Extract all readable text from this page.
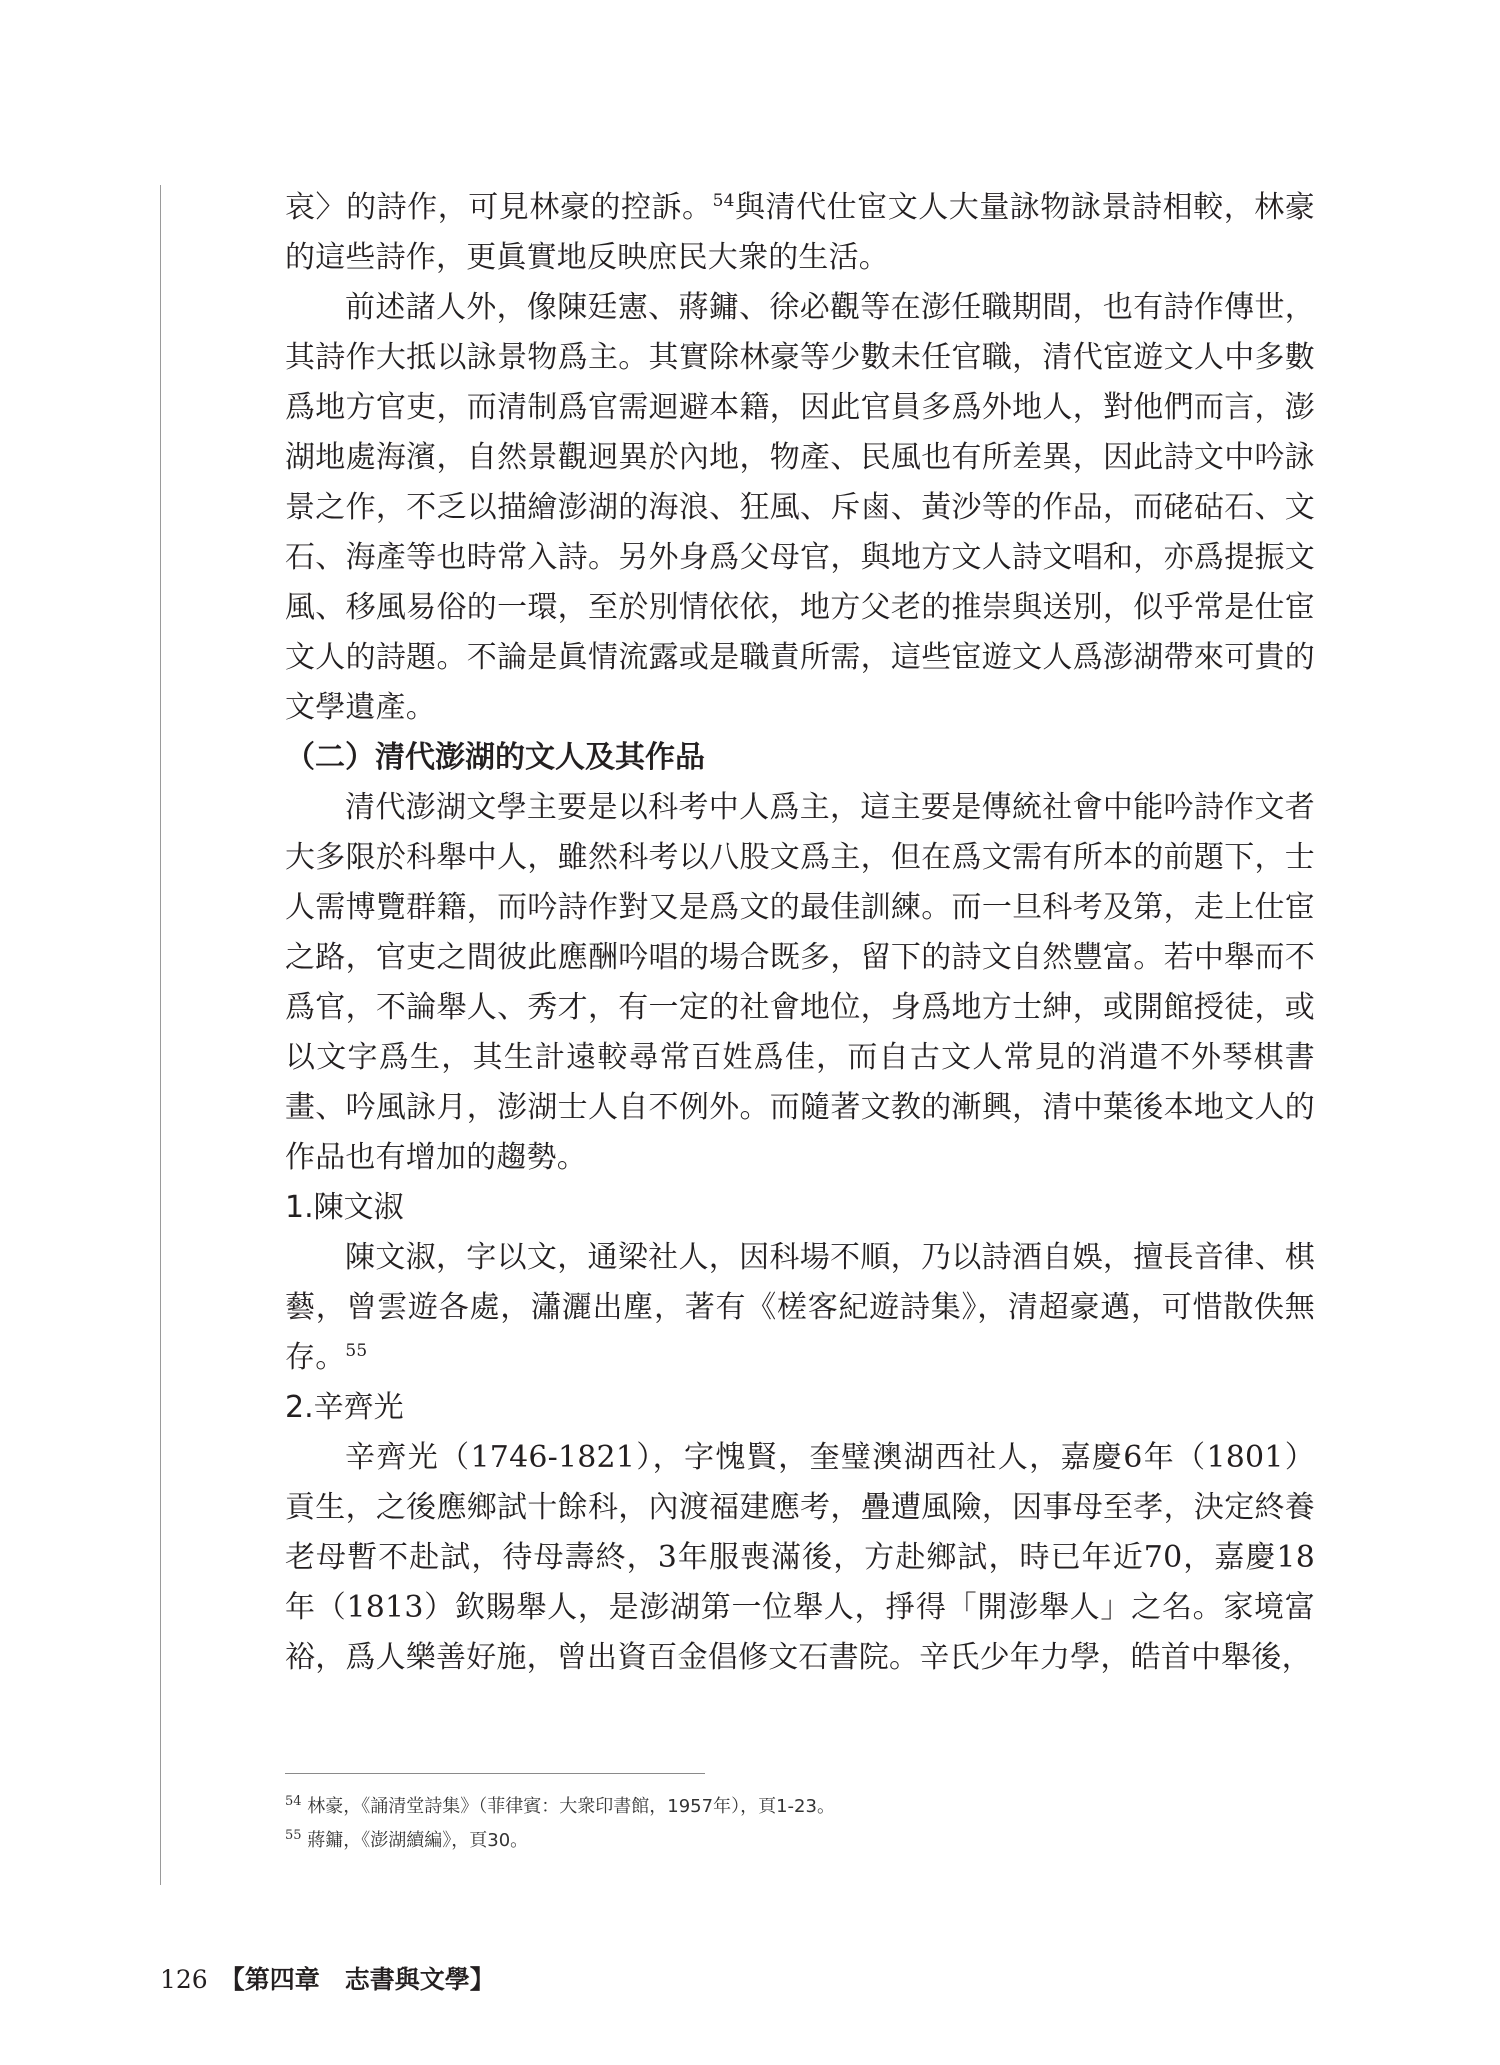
哀〉的詩作，可見林豪的控訴。$^{54}$與清代仕宦文人大量詠物詠景詩相較，林豪的這些詩作，更眞實地反映庶民大衆的生活。

前述諸人外，像陳廷憲、蔣鏞、徐必觀等在澎任職期間，也有詩作傳世，其詩作大抵以詠景物爲主。其實除林豪等少數未任官職，清代宦遊文人中多數爲地方官吏，而清制爲官需迴避本籍，因此官員多爲外地人，對他們而言，澎湖地處海濱，自然景觀迥異於內地，物產、民風也有所差異，因此詩文中吟詠景之作，不乏以描繪澎湖的海浪、狂風、斥鹵、黃沙等的作品，而硓𥑮石、文石、海產等也時常入詩。另外身爲父母官，與地方文人詩文唱和，亦爲提振文風、移風易俗的一環，至於別情依依，地方父老的推崇與送別，似乎常是仕宦文人的詩題。不論是眞情流露或是職責所需，這些宦遊文人爲澎湖帶來可貴的文學遺產。

（二）清代澎湖的文人及其作品

清代澎湖文學主要是以科考中人爲主，這主要是傳統社會中能吟詩作文者大多限於科舉中人，雖然科考以八股文爲主，但在爲文需有所本的前題下，士人需博覽群籍，而吟詩作對又是爲文的最佳訓練。而一旦科考及第，走上仕宦之路，官吏之間彼此應酬吟唱的場合既多，留下的詩文自然豐富。若中舉而不爲官，不論舉人、秀才，有一定的社會地位，身爲地方士紳，或開館授徒，或以文字爲生，其生計遠較尋常百姓爲佳，而自古文人常見的消遣不外琴棋書畫、吟風詠月，澎湖士人自不例外。而隨著文教的漸興，清中葉後本地文人的作品也有增加的趨勢。

1.陳文淑

陳文淑，字以文，通梁社人，因科場不順，乃以詩酒自娛，擅長音律、棋藝，曾雲遊各處，瀟灑出塵，著有《槎客紀遊詩集》，清超豪邁，可惜散佚無存。$^{55}$

2.辛齊光

辛齊光（1746-1821），字愧賢，奎璧澳湖西社人，嘉慶6年（1801）貢生，之後應鄉試十餘科，內渡福建應考，疊遭風險，因事母至孝，決定終養老母暫不赴試，待母壽終，3年服喪滿後，方赴鄉試，時已年近70，嘉慶18年（1813）欽賜舉人，是澎湖第一位舉人，掙得「開澎舉人」之名。家境富裕，爲人樂善好施，曾出資百金倡修文石書院。辛氏少年力學，皓首中舉後，

$^{54}$ 林豪，《誦清堂詩集》（菲律賓：大衆印書館，1957年），頁1-23。
$^{55}$ 蔣鏞，《澎湖續編》，頁30。
126 【第四章　志書與文學】
